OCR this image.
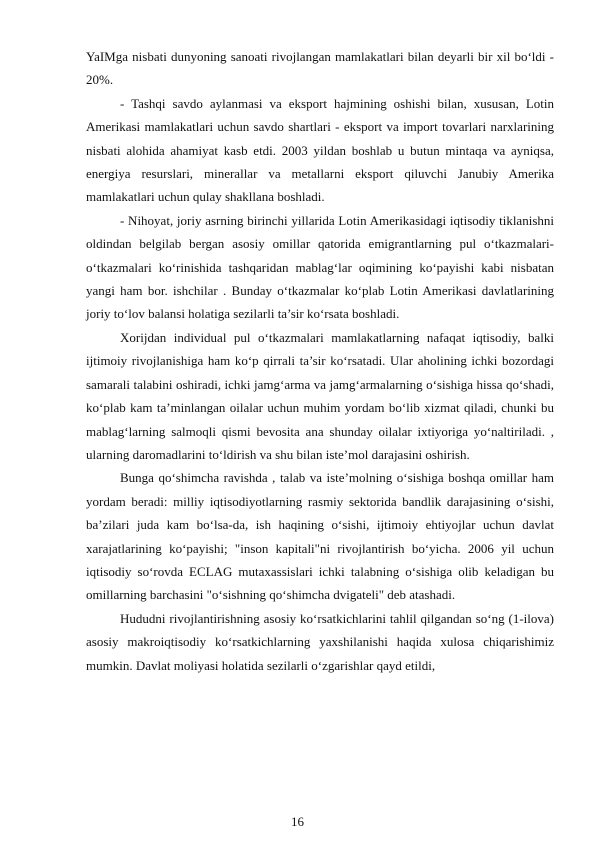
YaIMga nisbati dunyoning sanoati rivojlangan mamlakatlari bilan deyarli bir xil bo‘ldi - 20%.

- Tashqi savdo aylanmasi va eksport hajmining oshishi bilan, xususan, Lotin Amerikasi mamlakatlari uchun savdo shartlari - eksport va import tovarlari narxlarining nisbati alohida ahamiyat kasb etdi. 2003 yildan boshlab u butun mintaqa va ayniqsa, energiya resurslari, minerallar va metallarni eksport qiluvchi Janubiy Amerika mamlakatlari uchun qulay shakllana boshladi.

- Nihoyat, joriy asrning birinchi yillarida Lotin Amerikasidagi iqtisodiy tiklanishni oldindan belgilab bergan asosiy omillar qatorida emigrantlarning pul o‘tkazmalari-o‘tkazmalari ko‘rinishida tashqaridan mablag‘lar oqimining ko‘payishi kabi nisbatan yangi ham bor. ishchilar . Bunday o‘tkazmalar ko‘plab Lotin Amerikasi davlatlarining joriy to‘lov balansi holatiga sezilarli ta’sir ko‘rsata boshladi.

Xorijdan individual pul o‘tkazmalari mamlakatlarning nafaqat iqtisodiy, balki ijtimoiy rivojlanishiga ham ko‘p qirrali ta’sir ko‘rsatadi. Ular aholining ichki bozordagi samarali talabini oshiradi, ichki jamg‘arma va jamg‘armalarning o‘sishiga hissa qo‘shadi, ko‘plab kam ta’minlangan oilalar uchun muhim yordam bo‘lib xizmat qiladi, chunki bu mablag‘larning salmoqli qismi bevosita ana shunday oilalar ixtiyoriga yo‘naltiriladi. , ularning daromadlarini to‘ldirish va shu bilan iste’mol darajasini oshirish.

Bunga qo‘shimcha ravishda , talab va iste’molning o‘sishiga boshqa omillar ham yordam beradi: milliy iqtisodiyotlarning rasmiy sektorida bandlik darajasining o‘sishi, ba’zilari juda kam bo‘lsa-da, ish haqining o‘sishi, ijtimoiy ehtiyojlar uchun davlat xarajatlarining ko‘payishi; "inson kapitali"ni rivojlantirish bo‘yicha. 2006 yil uchun iqtisodiy so‘rovda ECLAG mutaxassislari ichki talabning o‘sishiga olib keladigan bu omillarning barchasini "o‘sishning qo‘shimcha dvigateli" deb atashadi.

Hududni rivojlantirishning asosiy ko‘rsatkichlarini tahlil qilgandan so‘ng (1-ilova) asosiy makroiqtisodiy ko‘rsatkichlarning yaxshilanishi haqida xulosa chiqarishimiz mumkin. Davlat moliyasi holatida sezilarli o‘zgarishlar qayd etildi,

16
